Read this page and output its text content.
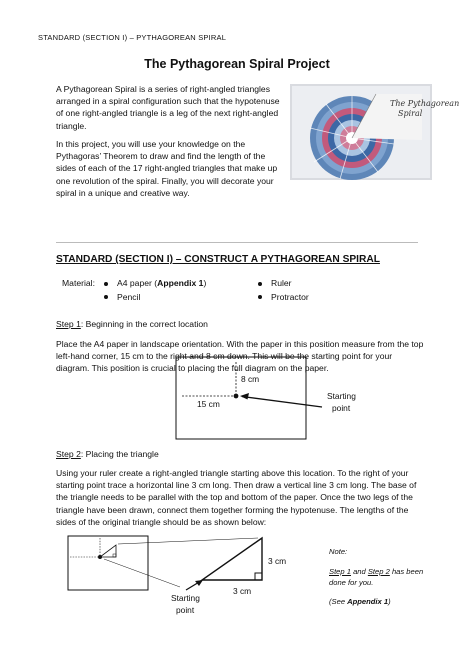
STANDARD (SECTION I) – PYTHAGOREAN SPIRAL
The Pythagorean Spiral Project
A Pythagorean Spiral is a series of right-angled triangles arranged in a spiral configuration such that the hypotenuse of one right-angled triangle is a leg of the next right-angled triangle.
In this project, you will use your knowledge on the Pythagoras’ Theorem to draw and find the length of the sides of each of the 17 right-angled triangles that make up one revolution of the spiral. Finally, you will decorate your spiral in a unique and creative way.
The Pythagorean
Spiral
STANDARD (SECTION I) – CONSTRUCT A PYTHAGOREAN SPIRAL
Material:	A4 paper (Appendix 1)
Pencil
Ruler
Protractor
Step 1: Beginning in the correct location
Place the A4 paper in landscape orientation. With the paper in this position measure from the top left-hand corner, 15 cm to the right and 8 cm down. This will be the starting point for your diagram. This position is crucial to placing the full diagram on the paper.
8 cm
15 cm
Starting
point
Step 2: Placing the triangle
Using your ruler create a right-angled triangle starting above this location. To the right of your starting point trace a horizontal line 3 cm long. Then draw a vertical line 3 cm long. The base of the triangle needs to be parallel with the top and bottom of the paper. Once the two legs of the triangle have been drawn, connect them together forming the hypotenuse. The lengths of the sides of the original triangle should be as shown below:
3 cm
3 cm
Starting
point
Note:
Step 1 and Step 2 has been done for you.
(See Appendix 1)
